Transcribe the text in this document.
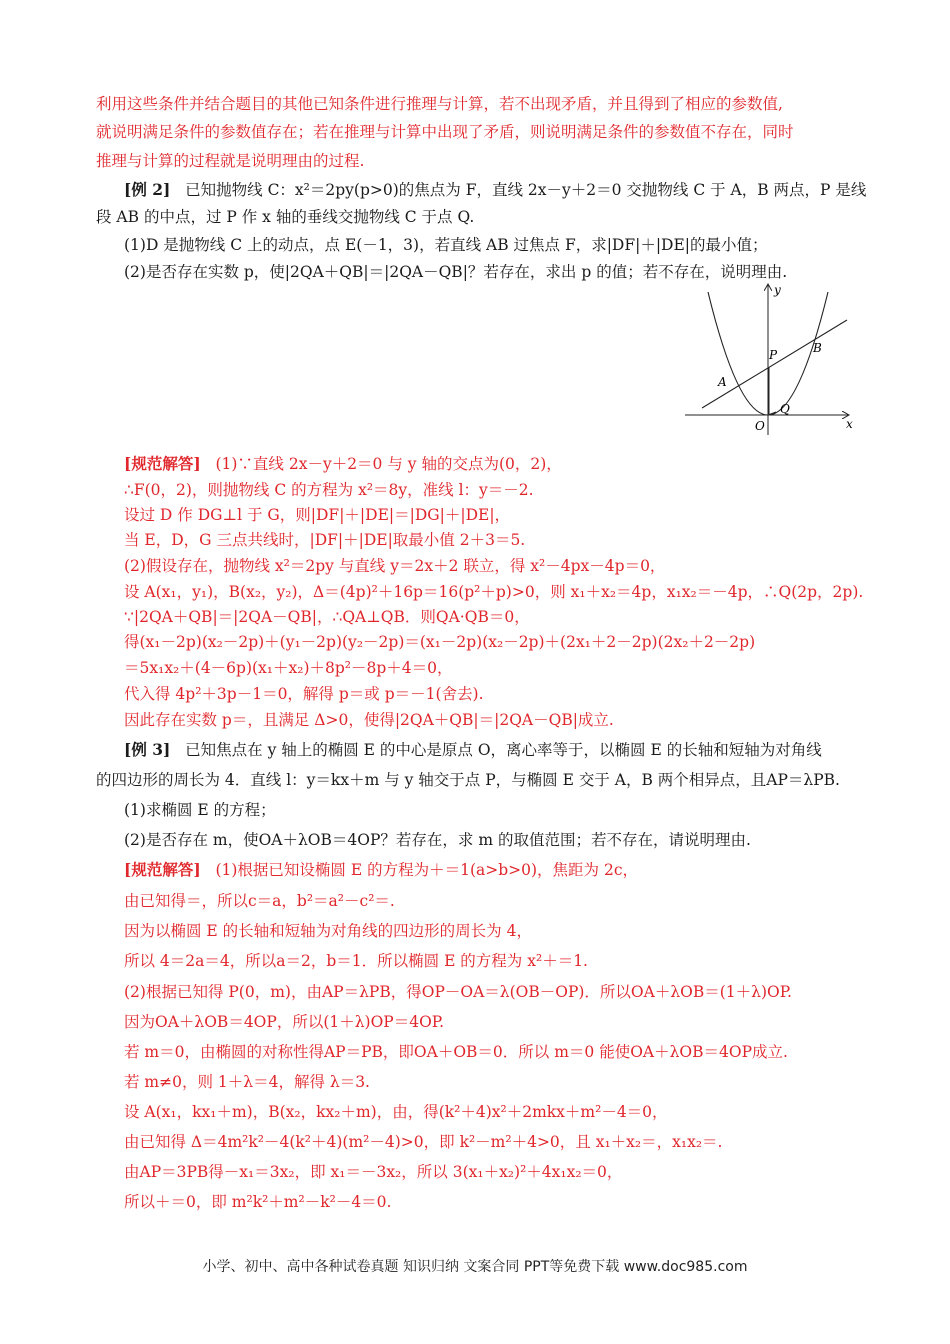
利用这些条件并结合题目的其他已知条件进行推理与计算，若不出现矛盾，并且得到了相应的参数值,
就说明满足条件的参数值存在；若在推理与计算中出现了矛盾，则说明满足条件的参数值不存在，同时
推理与计算的过程就是说明理由的过程.
[例 2] 已知抛物线 C：x²＝2py(p>0)的焦点为 F，直线 2x－y＋2＝0 交抛物线 C 于 A，B 两点，P 是线
段 AB 的中点，过 P 作 x 轴的垂线交抛物线 C 于点 Q.
(1)D 是抛物线 C 上的动点，点 E(－1，3)，若直线 AB 过焦点 F，求|DF|＋|DE|的最小值；
(2)是否存在实数 p，使|2QA＋QB|＝|2QA－QB|？若存在，求出 p 的值；若不存在，说明理由.
y
x
O
A
B
P
Q
[规范解答] (1)∵直线 2x－y＋2＝0 与 y 轴的交点为(0，2)，
∴F(0，2)，则抛物线 C 的方程为 x²＝8y，准线 l：y＝－2.
设过 D 作 DG⊥l 于 G，则|DF|＋|DE|＝|DG|＋|DE|，
当 E，D，G 三点共线时，|DF|＋|DE|取最小值 2＋3＝5.
(2)假设存在，抛物线 x²＝2py 与直线 y＝2x＋2 联立，得 x²－4px－4p＝0，
设 A(x₁，y₁)，B(x₂，y₂)，Δ＝(4p)²＋16p＝16(p²＋p)>0，则 x₁＋x₂＝4p，x₁x₂＝－4p，∴Q(2p，2p).
∵|2QA＋QB|＝|2QA－QB|，∴QA⊥QB．则QA·QB＝0，
得(x₁－2p)(x₂－2p)＋(y₁－2p)(y₂－2p)＝(x₁－2p)(x₂－2p)＋(2x₁＋2－2p)(2x₂＋2－2p)
＝5x₁x₂＋(4－6p)(x₁＋x₂)＋8p²－8p＋4＝0，
代入得 4p²＋3p－1＝0，解得 p＝或 p＝－1(舍去).
因此存在实数 p＝，且满足 Δ>0，使得|2QA＋QB|＝|2QA－QB|成立.
[例 3] 已知焦点在 y 轴上的椭圆 E 的中心是原点 O，离心率等于，以椭圆 E 的长轴和短轴为对角线
的四边形的周长为 4．直线 l：y＝kx＋m 与 y 轴交于点 P，与椭圆 E 交于 A，B 两个相异点，且AP＝λPB.
(1)求椭圆 E 的方程；
(2)是否存在 m，使OA＋λOB＝4OP？若存在，求 m 的取值范围；若不存在，请说明理由.
[规范解答] (1)根据已知设椭圆 E 的方程为＋＝1(a>b>0)，焦距为 2c，
由已知得＝，所以c＝a，b²＝a²－c²＝.
因为以椭圆 E 的长轴和短轴为对角线的四边形的周长为 4，
所以 4＝2a＝4，所以a＝2，b＝1．所以椭圆 E 的方程为 x²＋＝1.
(2)根据已知得 P(0，m)，由AP＝λPB，得OP－OA＝λ(OB－OP)．所以OA＋λOB＝(1＋λ)OP.
因为OA＋λOB＝4OP，所以(1＋λ)OP＝4OP.
若 m＝0，由椭圆的对称性得AP＝PB，即OA＋OB＝0．所以 m＝0 能使OA＋λOB＝4OP成立.
若 m≠0，则 1＋λ＝4，解得 λ＝3.
设 A(x₁，kx₁＋m)，B(x₂，kx₂＋m)，由，得(k²＋4)x²＋2mkx＋m²－4＝0，
由已知得 Δ＝4m²k²－4(k²＋4)(m²－4)>0，即 k²－m²＋4>0，且 x₁＋x₂＝，x₁x₂＝.
由AP＝3PB得－x₁＝3x₂，即 x₁＝－3x₂，所以 3(x₁＋x₂)²＋4x₁x₂＝0，
所以＋＝0，即 m²k²＋m²－k²－4＝0.
小学、初中、高中各种试卷真题 知识归纳 文案合同 PPT等免费下载 www.doc985.com
